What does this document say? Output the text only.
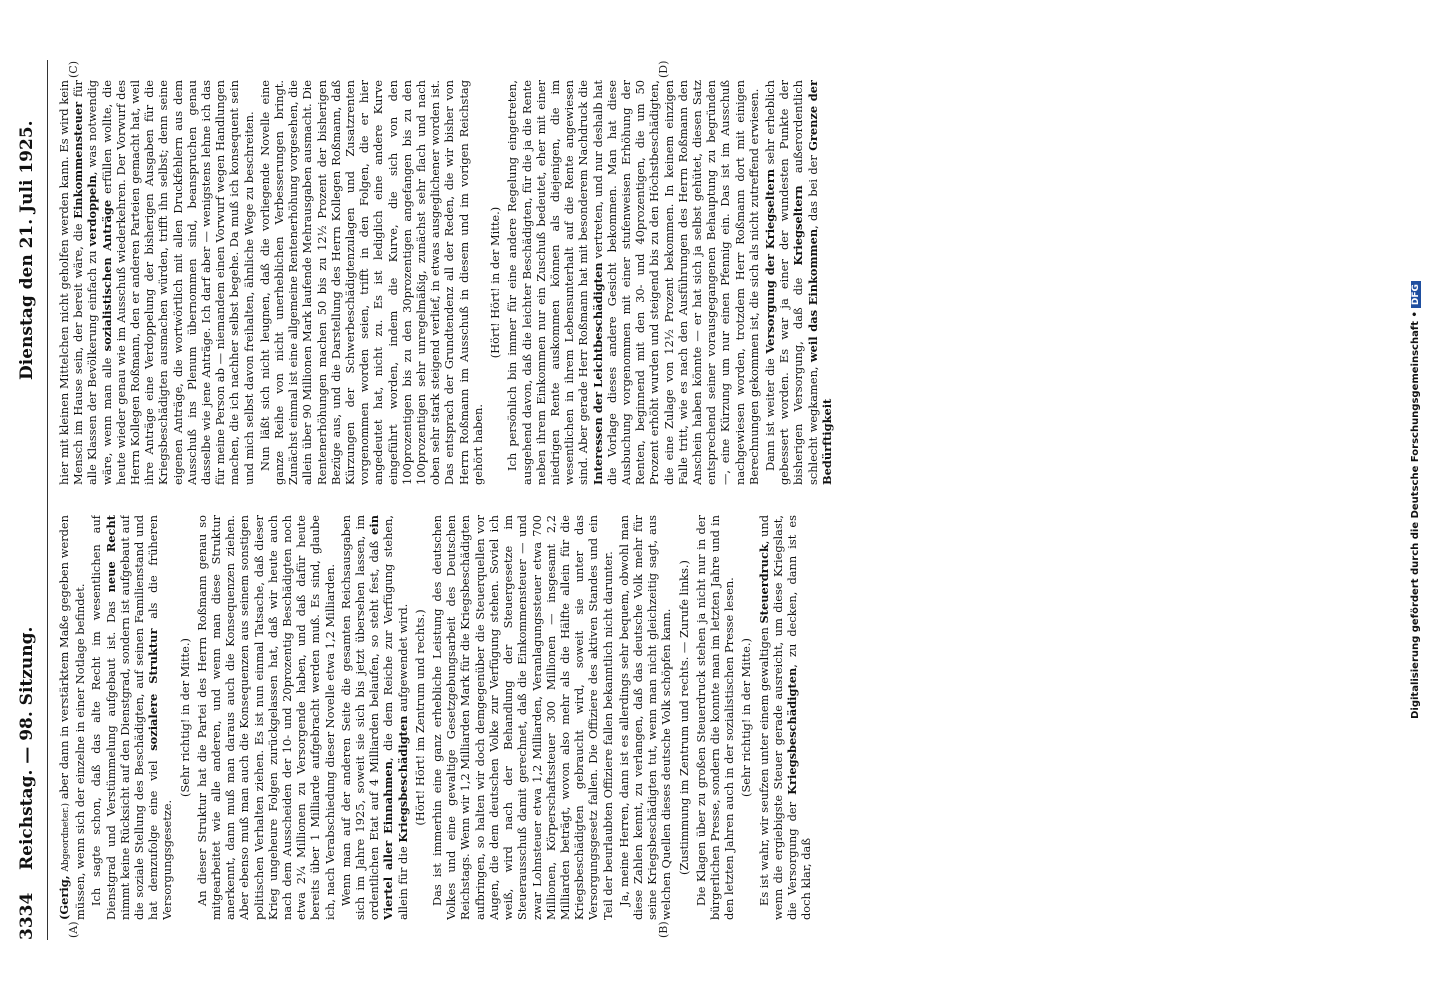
3334
Reichstag. — 98. Sitzung.
Dienstag den 21. Juli 1925.
(A)	(B)
(C)	(D)

(Gerig, Abgeordneter.) aber dann in verstärktem Maße gegeben werden müssen, wenn sich der einzelne in einer Notlage befindet. Ich sagte schon, daß das alte Recht im wesentlichen auf Dienstgrad und Verstümmelung aufgebaut ist. Das neue Recht nimmt keine Rücksicht auf den Dienstgrad, sondern ist aufgebaut auf die soziale Stellung des Beschädigten, auf seinen Familienstand und hat demzufolge eine viel sozialere Struktur als die früheren Versorgungsgesetze.

(Sehr richtig! in der Mitte.) An dieser Struktur hat die Partei des Herrn Roßmann genau so mitgearbeitet wie alle anderen, und wenn man diese Struktur anerkennt, dann muß man daraus auch die Konsequenzen ziehen. Aber ebenso muß man auch die Konsequenzen aus seinem sonstigen politischen Verhalten ziehen. Es ist nun einmal Tatsache, daß dieser Krieg ungeheure Folgen zurückgelassen hat, daß wir heute auch nach dem Ausscheiden der 10- und 20prozentig Beschädigten noch etwa 2¼ Millionen zu Versorgende haben, und daß dafür heute bereits über 1 Milliarde aufgebracht werden muß. Es sind, glaube ich, nach Verabschiedung dieser Novelle etwa 1,2 Milliarden. Wenn man auf der anderen Seite die gesamten Reichsausgaben sich im Jahre 1925, soweit sie sich bis jetzt übersehen lassen, im ordentlichen Etat auf 4 Milliarden belaufen, so steht fest, daß ein Viertel aller Einnahmen, die dem Reiche zur Verfügung stehen, allein für die Kriegsbeschädigten aufgewendet wird. (Hört! Hört! im Zentrum und rechts.) Das ist immerhin eine ganz erhebliche Leistung des deutschen Volkes und eine gewaltige Gesetzgebungsarbeit des Deutschen Reichstags. Wenn wir 1,2 Milliarden Mark für die Kriegsbeschädigten aufbringen, so halten wir doch demgegenüber die Steuerquellen vor Augen, die dem deutschen Volke zur Verfügung stehen. Soviel ich weiß, wird nach der Behandlung der Steuergesetze im Steuerausschuß damit gerechnet, daß die Einkommensteuer — und zwar Lohnsteuer etwa 1,2 Milliarden, Veranlagungssteuer etwa 700 Millionen, Körperschaftssteuer 300 Millionen — insgesamt 2,2 Milliarden beträgt, wovon also mehr als die Hälfte allein für die Kriegsbeschädigten gebraucht wird, soweit sie unter das Versorgungsgesetz fallen. Die Offiziere des aktiven Standes und ein Teil der beurlaubten Offiziere fallen bekanntlich nicht darunter. Ja, meine Herren, dann ist es allerdings sehr bequem, obwohl man diese Zahlen kennt, zu verlangen, daß das deutsche Volk mehr für seine Kriegsbeschädigten tut, wenn man nicht gleichzeitig sagt, aus welchen Quellen dieses deutsche Volk schöpfen kann. (Zustimmung im Zentrum und rechts. — Zurufe links.) Die Klagen über zu großen Steuerdruck stehen ja nicht nur in der bürgerlichen Presse, sondern die konnte man im letzten Jahre und in den letzten Jahren auch in der sozialistischen Presse lesen. (Sehr richtig! in der Mitte.) Es ist wahr, wir seufzen unter einem gewaltigen Steuerdruck, und wenn die ergiebigste Steuer gerade ausreicht, um diese Kriegslast, die Versorgung der Kriegsbeschädigten, zu decken, dann ist es doch klar, daß

hier mit kleinen Mittelchen nicht geholfen werden kann. Es wird kein Mensch im Hause sein, der bereit wäre, die Einkommensteuer für alle Klassen der Bevölkerung einfach zu verdoppeln, was notwendig wäre, wenn man alle sozialistischen Anträge erfüllen wollte, die heute wieder genau wie im Ausschuß wiederkehren. Der Vorwurf des Herrn Kollegen Roßmann, den er anderen Parteien gemacht hat, weil ihre Anträge eine Verdoppelung der bisherigen Ausgaben für die Kriegsbeschädigten ausmachen würden, trifft ihn selbst; denn seine eigenen Anträge, die wortwörtlich mit allen Druckfehlern aus dem Ausschuß ins Plenum übernommen sind, beanspruchen genau dasselbe wie jene Anträge. Ich darf aber — wenigstens lehne ich das für meine Person ab — niemandem einen Vorwurf wegen Handlungen machen, die ich nachher selbst begehe. Da muß ich konsequent sein und mich selbst davon freihalten, ähnliche Wege zu beschreiten. Nun läßt sich nicht leugnen, daß die vorliegende Novelle eine ganze Reihe von nicht unerheblichen Verbesserungen bringt. Zunächst einmal ist eine allgemeine Rentenerhöhung vorgesehen, die allein über 90 Millionen Mark laufende Mehrausgaben ausmacht. Die Rentenerhöhungen machen 50 bis zu 12½ Prozent der bisherigen Bezüge aus, und die Darstellung des Herrn Kollegen Roßmann, daß Kürzungen der Schwerbeschädigtenzulagen und Zusatzrenten vorgenommen worden seien, trifft in den Folgen, die er hier angedeutet hat, nicht zu. Es ist lediglich eine andere Kurve eingeführt worden, indem die Kurve, die sich von den 100prozentigen bis zu den 30prozentigen angefangen bis zu den 100prozentigen sehr unregelmäßig, zunächst sehr flach und nach oben sehr stark steigend verlief, in etwas ausgeglichener worden ist. Das entsprach der Grundtendenz all der Reden, die wir bisher von Herrn Roßmann im Ausschuß in diesem und im vorigen Reichstag gehört haben.

(Hört! Hört! in der Mitte.) Ich persönlich bin immer für eine andere Regelung eingetreten, ausgehend davon, daß die leichter Beschädigten, für die ja die Rente neben ihrem Einkommen nur ein Zuschuß bedeutet, eher mit einer niedrigen Rente auskommen können als diejenigen, die im wesentlichen in ihrem Lebensunterhalt auf die Rente angewiesen sind. Aber gerade Herr Roßmann hat mit besonderem Nachdruck die Interessen der Leichtbeschädigten vertreten, und nur deshalb hat die Vorlage dieses andere Gesicht bekommen. Man hat diese Ausbuchung vorgenommen mit einer stufenweisen Erhöhung der Renten, beginnend mit den 30- und 40prozentigen, die um 50 Prozent erhöht wurden und steigend bis zu den Höchstbeschädigten, die eine Zulage von 12½ Prozent bekommen. In keinem einzigen Falle tritt, wie es nach den Ausführungen des Herrn Roßmann den Anschein haben könnte — er hat sich ja selbst gehütet, diesen Satz entsprechend seiner vorausgegangenen Behauptung zu begründen —, eine Kürzung um nur einen Pfennig ein. Das ist im Ausschuß nachgewiesen worden, trotzdem Herr Roßmann dort mit einigen Berechnungen gekommen ist, die sich als nicht zutreffend erwiesen. Dann ist weiter die Versorgung der Kriegseltern sehr erheblich gebessert worden. Es war ja einer der wundesten Punkte der bisherigen Versorgung, daß die Kriegseltern außerordentlich schlecht wegkamen, weil das Einkommen, das bei der Grenze der Bedürftigkeit	Digitalisierung gefördert durch die Deutsche Forschungsgemeinschaft •DFG
